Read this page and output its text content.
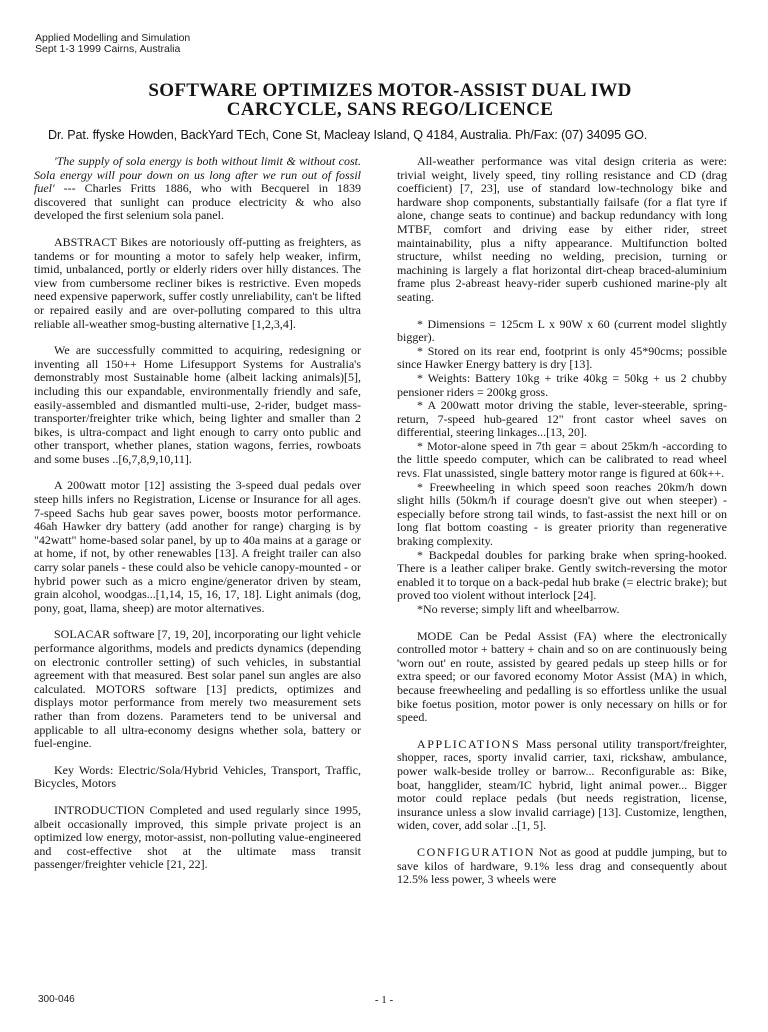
Applied Modelling and Simulation
Sept 1-3 1999 Cairns, Australia
SOFTWARE OPTIMIZES MOTOR-ASSIST DUAL IWD
CARCYCLE, SANS REGO/LICENCE
Dr. Pat. ffyske Howden, BackYard TEch, Cone St, Macleay Island, Q 4184, Australia. Ph/Fax: (07) 34095 GO.

'The supply of sola energy is both without limit & without cost. Sola energy will pour down on us long after we run out of fossil fuel' --- Charles Fritts 1886, who with Becquerel in 1839 discovered that sunlight can produce electricity & who also developed the first selenium sola panel.

ABSTRACT Bikes are notoriously off-putting as freighters, as tandems or for mounting a motor to safely help weaker, infirm, timid, unbalanced, portly or elderly riders over hilly distances. The view from cumbersome recliner bikes is restrictive. Even mopeds need expensive paperwork, suffer costly unreliability, can't be lifted or repaired easily and are over-polluting compared to this ultra reliable all-weather smog-busting alternative [1,2,3,4].

We are successfully committed to acquiring, redesigning or inventing all 150++ Home Lifesupport Systems for Australia's demonstrably most Sustainable home (albeit lacking animals)[5], including this our expandable, environmentally friendly and safe, easily-assembled and dismantled multi-use, 2-rider, budget mass-transporter/freighter trike which, being lighter and smaller than 2 bikes, is ultra-compact and light enough to carry onto public and other transport, whether planes, station wagons, ferries, rowboats and some buses ..[6,7,8,9,10,11].

A 200watt motor [12] assisting the 3-speed dual pedals over steep hills infers no Registration, License or Insurance for all ages. 7-speed Sachs hub gear saves power, boosts motor performance. 46ah Hawker dry battery (add another for range) charging is by "42watt" home-based solar panel, by up to 40a mains at a garage or at home, if not, by other renewables [13]. A freight trailer can also carry solar panels - these could also be vehicle canopy-mounted - or hybrid power such as a micro engine/generator driven by steam, grain alcohol, woodgas...[1,14, 15, 16, 17, 18]. Light animals (dog, pony, goat, llama, sheep) are motor alternatives.

SOLACAR software [7, 19, 20], incorporating our light vehicle performance algorithms, models and predicts dynamics (depending on electronic controller setting) of such vehicles, in substantial agreement with that measured. Best solar panel sun angles are also calculated. MOTORS software [13] predicts, optimizes and displays motor performance from merely two measurement sets rather than from dozens. Parameters tend to be universal and applicable to all ultra-economy designs whether sola, battery or fuel-engine.

Key Words: Electric/Sola/Hybrid Vehicles, Transport, Traffic, Bicycles, Motors

INTRODUCTION Completed and used regularly since 1995, albeit occasionally improved, this simple private project is an optimized low energy, motor-assist, non-polluting value-engineered and cost-effective shot at the ultimate mass transit passenger/freighter vehicle [21, 22].

All-weather performance was vital design criteria as were: trivial weight, lively speed, tiny rolling resistance and CD (drag coefficient) [7, 23], use of standard low-technology bike and hardware shop components, substantially failsafe (for a flat tyre if alone, change seats to continue) and backup redundancy with long MTBF, comfort and driving ease by either rider, street maintainability, plus a nifty appearance. Multifunction bolted structure, whilst needing no welding, precision, turning or machining is largely a flat horizontal dirt-cheap braced-aluminium frame plus 2-abreast heavy-rider superb cushioned marine-ply alt seating.

* Dimensions = 125cm L x 90W x 60 (current model slightly bigger).

* Stored on its rear end, footprint is only 45*90cms; possible since Hawker Energy battery is dry [13].

* Weights: Battery 10kg + trike 40kg = 50kg + us 2 chubby pensioner riders = 200kg gross.

* A 200watt motor driving the stable, lever-steerable, spring-return, 7-speed hub-geared 12" front castor wheel saves on differential, steering linkages...[13, 20].

* Motor-alone speed in 7th gear = about 25km/h -according to the little speedo computer, which can be calibrated to read wheel revs. Flat unassisted, single battery motor range is figured at 60k++.

* Freewheeling in which speed soon reaches 20km/h down slight hills (50km/h if courage doesn't give out when steeper) - especially before strong tail winds, to fast-assist the next hill or on long flat bottom coasting - is greater priority than regenerative braking complexity.

* Backpedal doubles for parking brake when spring-hooked. There is a leather caliper brake. Gently switch-reversing the motor enabled it to torque on a back-pedal hub brake (= electric brake); but proved too violent without interlock [24].

*No reverse; simply lift and wheelbarrow.

MODE Can be Pedal Assist (FA) where the electronically controlled motor + battery + chain and so on are continuously being 'worn out' en route, assisted by geared pedals up steep hills or for extra speed; or our favored economy Motor Assist (MA) in which, because freewheeling and pedalling is so effortless unlike the usual bike foetus position, motor power is only necessary on hills or for speed.

APPLICATIONS Mass personal utility transport/freighter, shopper, races, sporty invalid carrier, taxi, rickshaw, ambulance, power walk-beside trolley or barrow... Reconfigurable as: Bike, boat, hangglider, steam/IC hybrid, light animal power... Bigger motor could replace pedals (but needs registration, license, insurance unless a slow invalid carriage) [13]. Customize, lengthen, widen, cover, add solar ..[1, 5].

CONFIGURATION Not as good at puddle jumping, but to save kilos of hardware, 9.1% less drag and consequently about 12.5% less power, 3 wheels were

300-046	- 1 -
